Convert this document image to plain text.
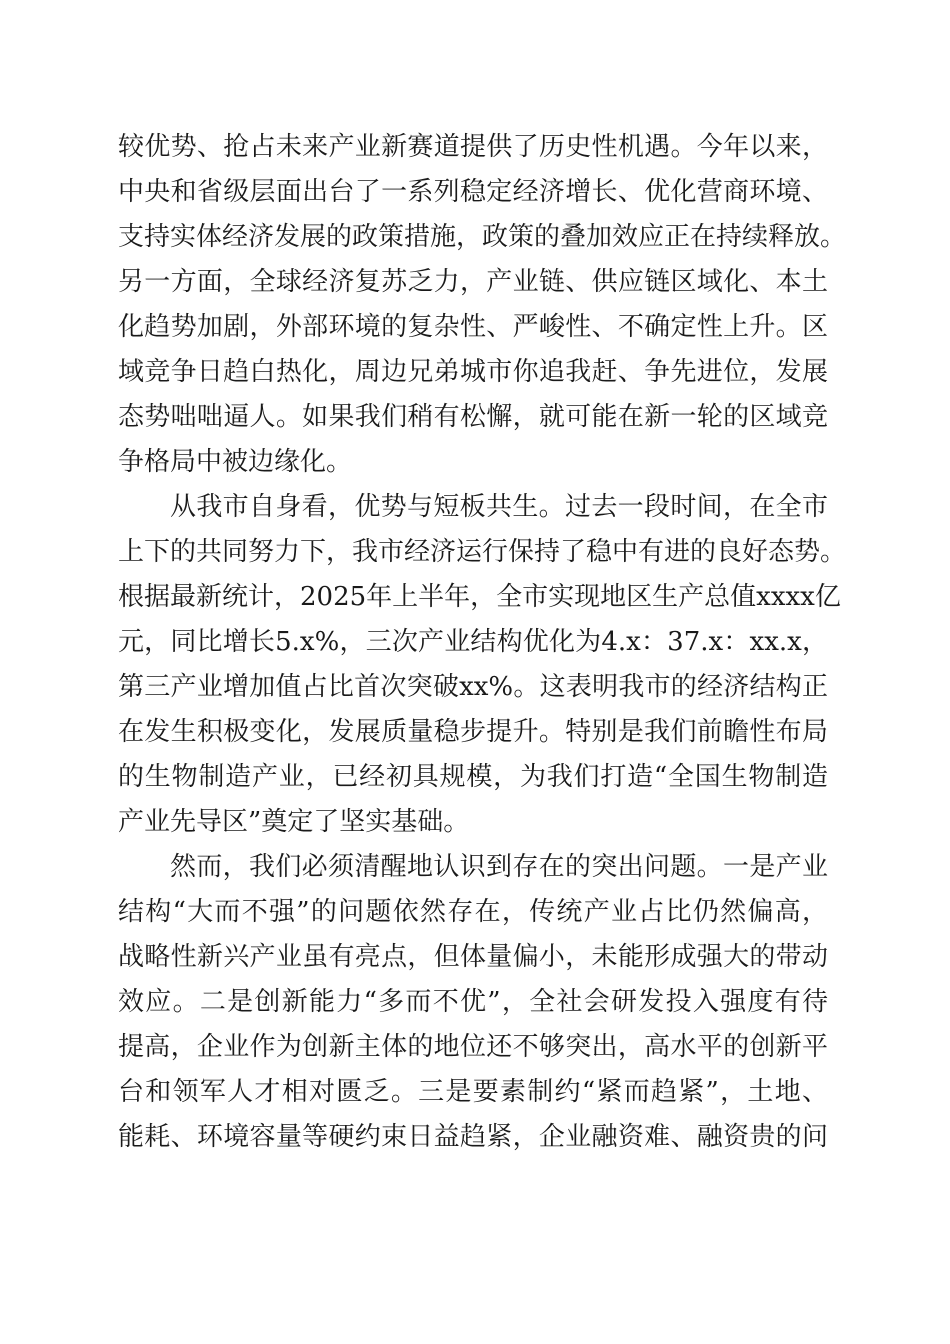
较优势、抢占未来产业新赛道提供了历史性机遇。今年以来，
中央和省级层面出台了一系列稳定经济增长、优化营商环境、
支持实体经济发展的政策措施，政策的叠加效应正在持续释放。
另一方面，全球经济复苏乏力，产业链、供应链区域化、本土
化趋势加剧，外部环境的复杂性、严峻性、不确定性上升。区
域竞争日趋白热化，周边兄弟城市你追我赶、争先进位，发展
态势咄咄逼人。如果我们稍有松懈，就可能在新一轮的区域竞
争格局中被边缘化。
从我市自身看，优势与短板共生。过去一段时间，在全市
上下的共同努力下，我市经济运行保持了稳中有进的良好态势。
根据最新统计，2025年上半年，全市实现地区生产总值xxxx亿
元，同比增长5.x%，三次产业结构优化为4.x：37.x：xx.x，
第三产业增加值占比首次突破xx%。这表明我市的经济结构正
在发生积极变化，发展质量稳步提升。特别是我们前瞻性布局
的生物制造产业，已经初具规模，为我们打造“全国生物制造
产业先导区”奠定了坚实基础。
然而，我们必须清醒地认识到存在的突出问题。一是产业
结构“大而不强”的问题依然存在，传统产业占比仍然偏高，
战略性新兴产业虽有亮点，但体量偏小，未能形成强大的带动
效应。二是创新能力“多而不优”，全社会研发投入强度有待
提高，企业作为创新主体的地位还不够突出，高水平的创新平
台和领军人才相对匮乏。三是要素制约“紧而趋紧”，土地、
能耗、环境容量等硬约束日益趋紧，企业融资难、融资贵的问
